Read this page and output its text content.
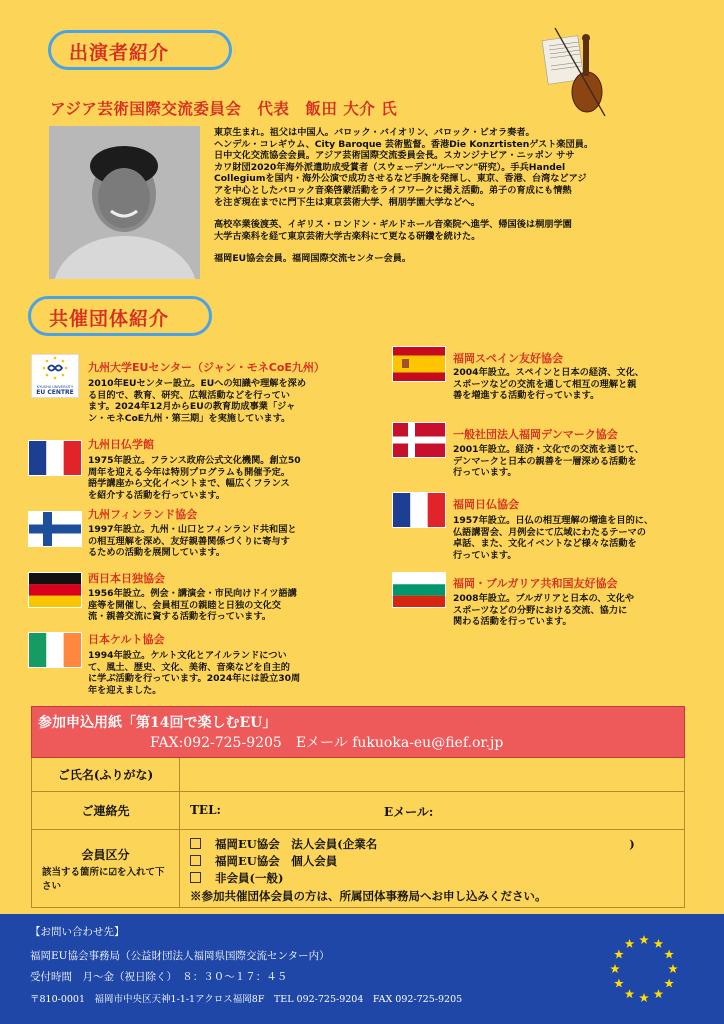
出演者紹介
アジア芸術国際交流委員会　代表　飯田 大介 氏
東京生まれ。祖父は中国人。バロック・バイオリン、バロック・ビオラ奏者。
ヘンデル・コレギウム、City Baroque 芸術監督。香港Die Konzrtistenゲスト楽団員。
日中文化交流協会会員。アジア芸術国際交流委員会長。スカンジナビア・ニッポン ササ
カワ財団2020年海外派遣助成受賞者（スウェーデン"ルーマン"研究）。手兵Handel
Collegiumを国内・海外公演で成功させるなど手腕を発揮し、東京、香港、台湾などアジ
アを中心としたバロック音楽啓蒙活動をライフワークに掲え活動。弟子の育成にも情熱
を注ぎ現在までに門下生は東京芸術大学、桐朋学園大学などへ。
高校卒業後渡英、イギリス・ロンドン・ギルドホール音楽院へ進学、帰国後は桐朋学園
大学古楽科を経て東京芸術大学古楽科にて更なる研鑽を続けた。
福岡EU協会会員。福岡国際交流センター会員。
共催団体紹介
KYUSHU UNIVERSITY
EU CENTRE
九州大学EUセンター（ジャン・モネCoE九州）
2010年EUセンター設立。EUへの知識や理解を深め
る目的で、教育、研究、広報活動などを行ってい
ます。2024年12月からEUの教育助成事業「ジャ
ン・モネCoE九州・第三期」を実施しています。
九州日仏学館
1975年設立。フランス政府公式文化機関。創立50
周年を迎える今年は特別プログラムも開催予定。
語学講座から文化イベントまで、幅広くフランス
を紹介する活動を行っています。
九州フィンランド協会
1997年設立。九州・山口とフィンランド共和国と
の相互理解を深め、友好親善関係づくりに寄与す
るための活動を展開しています。
西日本日独協会
1956年設立。例会・講演会・市民向けドイツ語講
座等を開催し、会員相互の親睦と日独の文化交
流・親善交流に資する活動を行っています。
日本ケルト協会
1994年設立。ケルト文化とアイルランドについ
て、風土、歴史、文化、美術、音楽などを自主的
に学ぶ活動を行っています。2024年には設立30周
年を迎えました。
福岡スペイン友好協会
2004年設立。スペインと日本の経済、文化、
スポーツなどの交流を通して相互の理解と親
善を増進する活動を行っています。
一般社団法人福岡デンマーク協会
2001年設立。経済・文化での交流を通じて、
デンマークと日本の親善を一層深める活動を
行っています。
福岡日仏協会
1957年設立。日仏の相互理解の増進を目的に、
仏語講習会、月例会にて広域にわたるテーマの
卓話、また、文化イベントなど様々な活動を
行っています。
福岡・ブルガリア共和国友好協会
2008年設立。ブルガリアと日本の、文化や
スポーツなどの分野における交流、協力に
関わる活動を行っています。
参加申込用紙「第14回で楽しむEU」
FAX:092-725-9205　Eメール fukuoka-eu@fief.or.jp
ご氏名(ふりがな)
ご連絡先	TEL:	Eメール:
会員区分
該当する箇所に☑を入れて下さい
福岡EU協会　法人会員(企業名	)
福岡EU協会　個人会員
非会員(一般)
※参加共催団体会員の方は、所属団体事務局へお申し込みください。
【お問い合わせ先】
福岡EU協会事務局（公益財団法人福岡県国際交流センター内）
受付時間　月～金（祝日除く）　８：３０～１７：４５
〒810-0001　福岡市中央区天神1-1-1アクロス福岡8F　TEL 092-725-9204　FAX 092-725-9205
